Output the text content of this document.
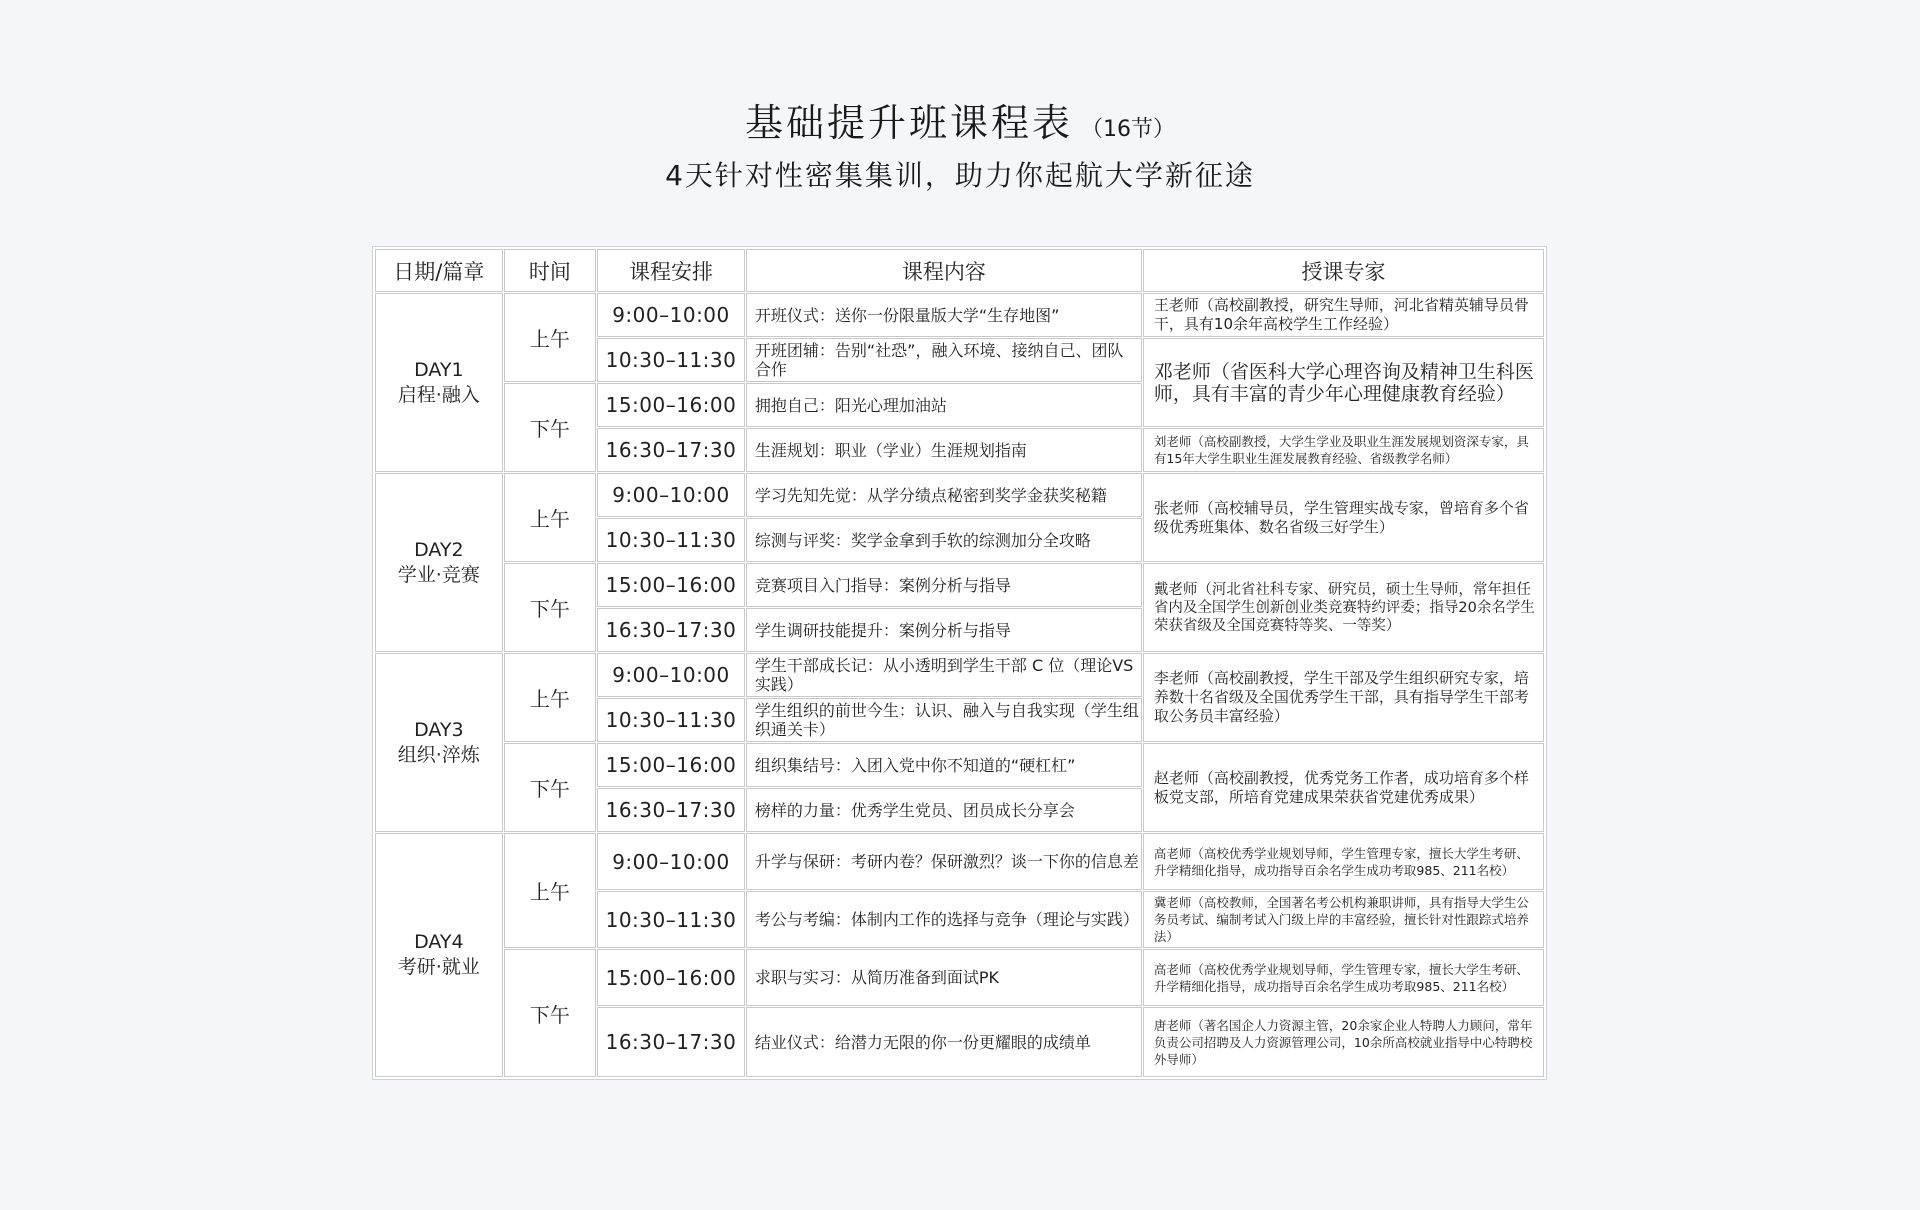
基础提升班课程表 （16节）
4天针对性密集集训，助力你起航大学新征途
日期/篇章	时间	课程安排	课程内容	授课专家

DAY1
启程·融入	上午	9:00–10:00	开班仪式：送你一份限量版大学“生存地图”	王老师（高校副教授，研究生导师，河北省精英辅导员骨干，具有10余年高校学生工作经验）
		10:30–11:30	开班团辅：告别“社恐”，融入环境、接纳自己、团队合作	邓老师（省医科大学心理咨询及精神卫生科医师，具有丰富的青少年心理健康教育经验）
	下午	15:00–16:00	拥抱自己：阳光心理加油站	
		16:30–17:30	生涯规划：职业（学业）生涯规划指南	刘老师（高校副教授，大学生学业及职业生涯发展规划资深专家，具有15年大学生职业生涯发展教育经验、省级教学名师）

DAY2
学业·竞赛	上午	9:00–10:00	学习先知先觉：从学分绩点秘密到奖学金获奖秘籍	张老师（高校辅导员，学生管理实战专家，曾培育多个省级优秀班集体、数名省级三好学生）
		10:30–11:30	综测与评奖：奖学金拿到手软的综测加分全攻略	
	下午	15:00–16:00	竞赛项目入门指导：案例分析与指导	戴老师（河北省社科专家、研究员，硕士生导师，常年担任省内及全国学生创新创业类竞赛特约评委；指导20余名学生荣获省级及全国竞赛特等奖、一等奖）
		16:30–17:30	学生调研技能提升：案例分析与指导	

DAY3
组织·淬炼	上午	9:00–10:00	学生干部成长记：从小透明到学生干部 C 位（理论VS实践）	李老师（高校副教授，学生干部及学生组织研究专家，培养数十名省级及全国优秀学生干部，具有指导学生干部考取公务员丰富经验）
		10:30–11:30	学生组织的前世今生：认识、融入与自我实现（学生组织通关卡）	
	下午	15:00–16:00	组织集结号：入团入党中你不知道的“硬杠杠”	赵老师（高校副教授，优秀党务工作者，成功培育多个样板党支部，所培育党建成果荣获省党建优秀成果）
		16:30–17:30	榜样的力量：优秀学生党员、团员成长分享会	

DAY4
考研·就业	上午	9:00–10:00	升学与保研：考研内卷？保研激烈？谈一下你的信息差	高老师（高校优秀学业规划导师，学生管理专家，擅长大学生考研、升学精细化指导，成功指导百余名学生成功考取985、211名校）
		10:30–11:30	考公与考编：体制内工作的选择与竞争（理论与实践）	冀老师（高校教师，全国著名考公机构兼职讲师，具有指导大学生公务员考试、编制考试入门级上岸的丰富经验，擅长针对性跟踪式培养法）
	下午	15:00–16:00	求职与实习：从简历准备到面试PK	高老师（高校优秀学业规划导师，学生管理专家，擅长大学生考研、升学精细化指导，成功指导百余名学生成功考取985、211名校）
		16:30–17:30	结业仪式：给潜力无限的你一份更耀眼的成绩单	唐老师（著名国企人力资源主管，20余家企业人特聘人力顾问，常年负责公司招聘及人力资源管理公司，10余所高校就业指导中心特聘校外导师）
